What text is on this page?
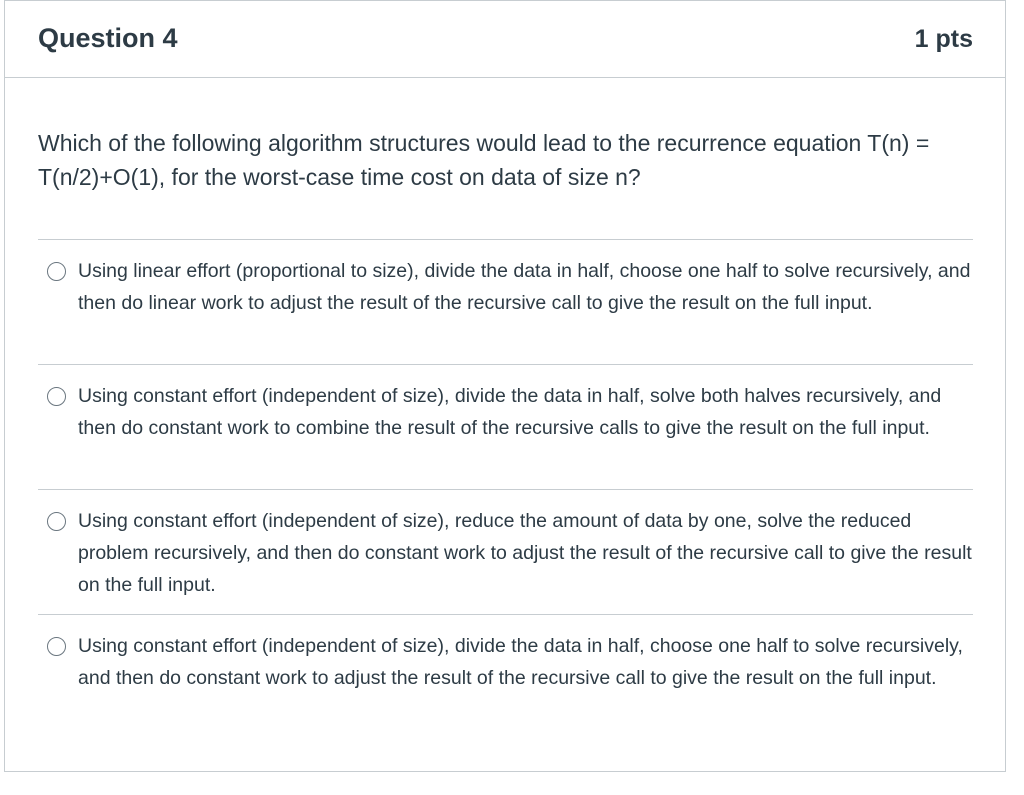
Question 4	1 pts

Which of the following algorithm structures would lead to the recurrence equation T(n) = T(n/2)+O(1), for the worst-case time cost on data of size n?

Using linear effort (proportional to size), divide the data in half, choose one half to solve recursively, and then do linear work to adjust the result of the recursive call to give the result on the full input.
Using constant effort (independent of size), divide the data in half, solve both halves recursively, and then do constant work to combine the result of the recursive calls to give the result on the full input.
Using constant effort (independent of size), reduce the amount of data by one, solve the reduced problem recursively, and then do constant work to adjust the result of the recursive call to give the result on the full input.
Using constant effort (independent of size), divide the data in half, choose one half to solve recursively, and then do constant work to adjust the result of the recursive call to give the result on the full input.
